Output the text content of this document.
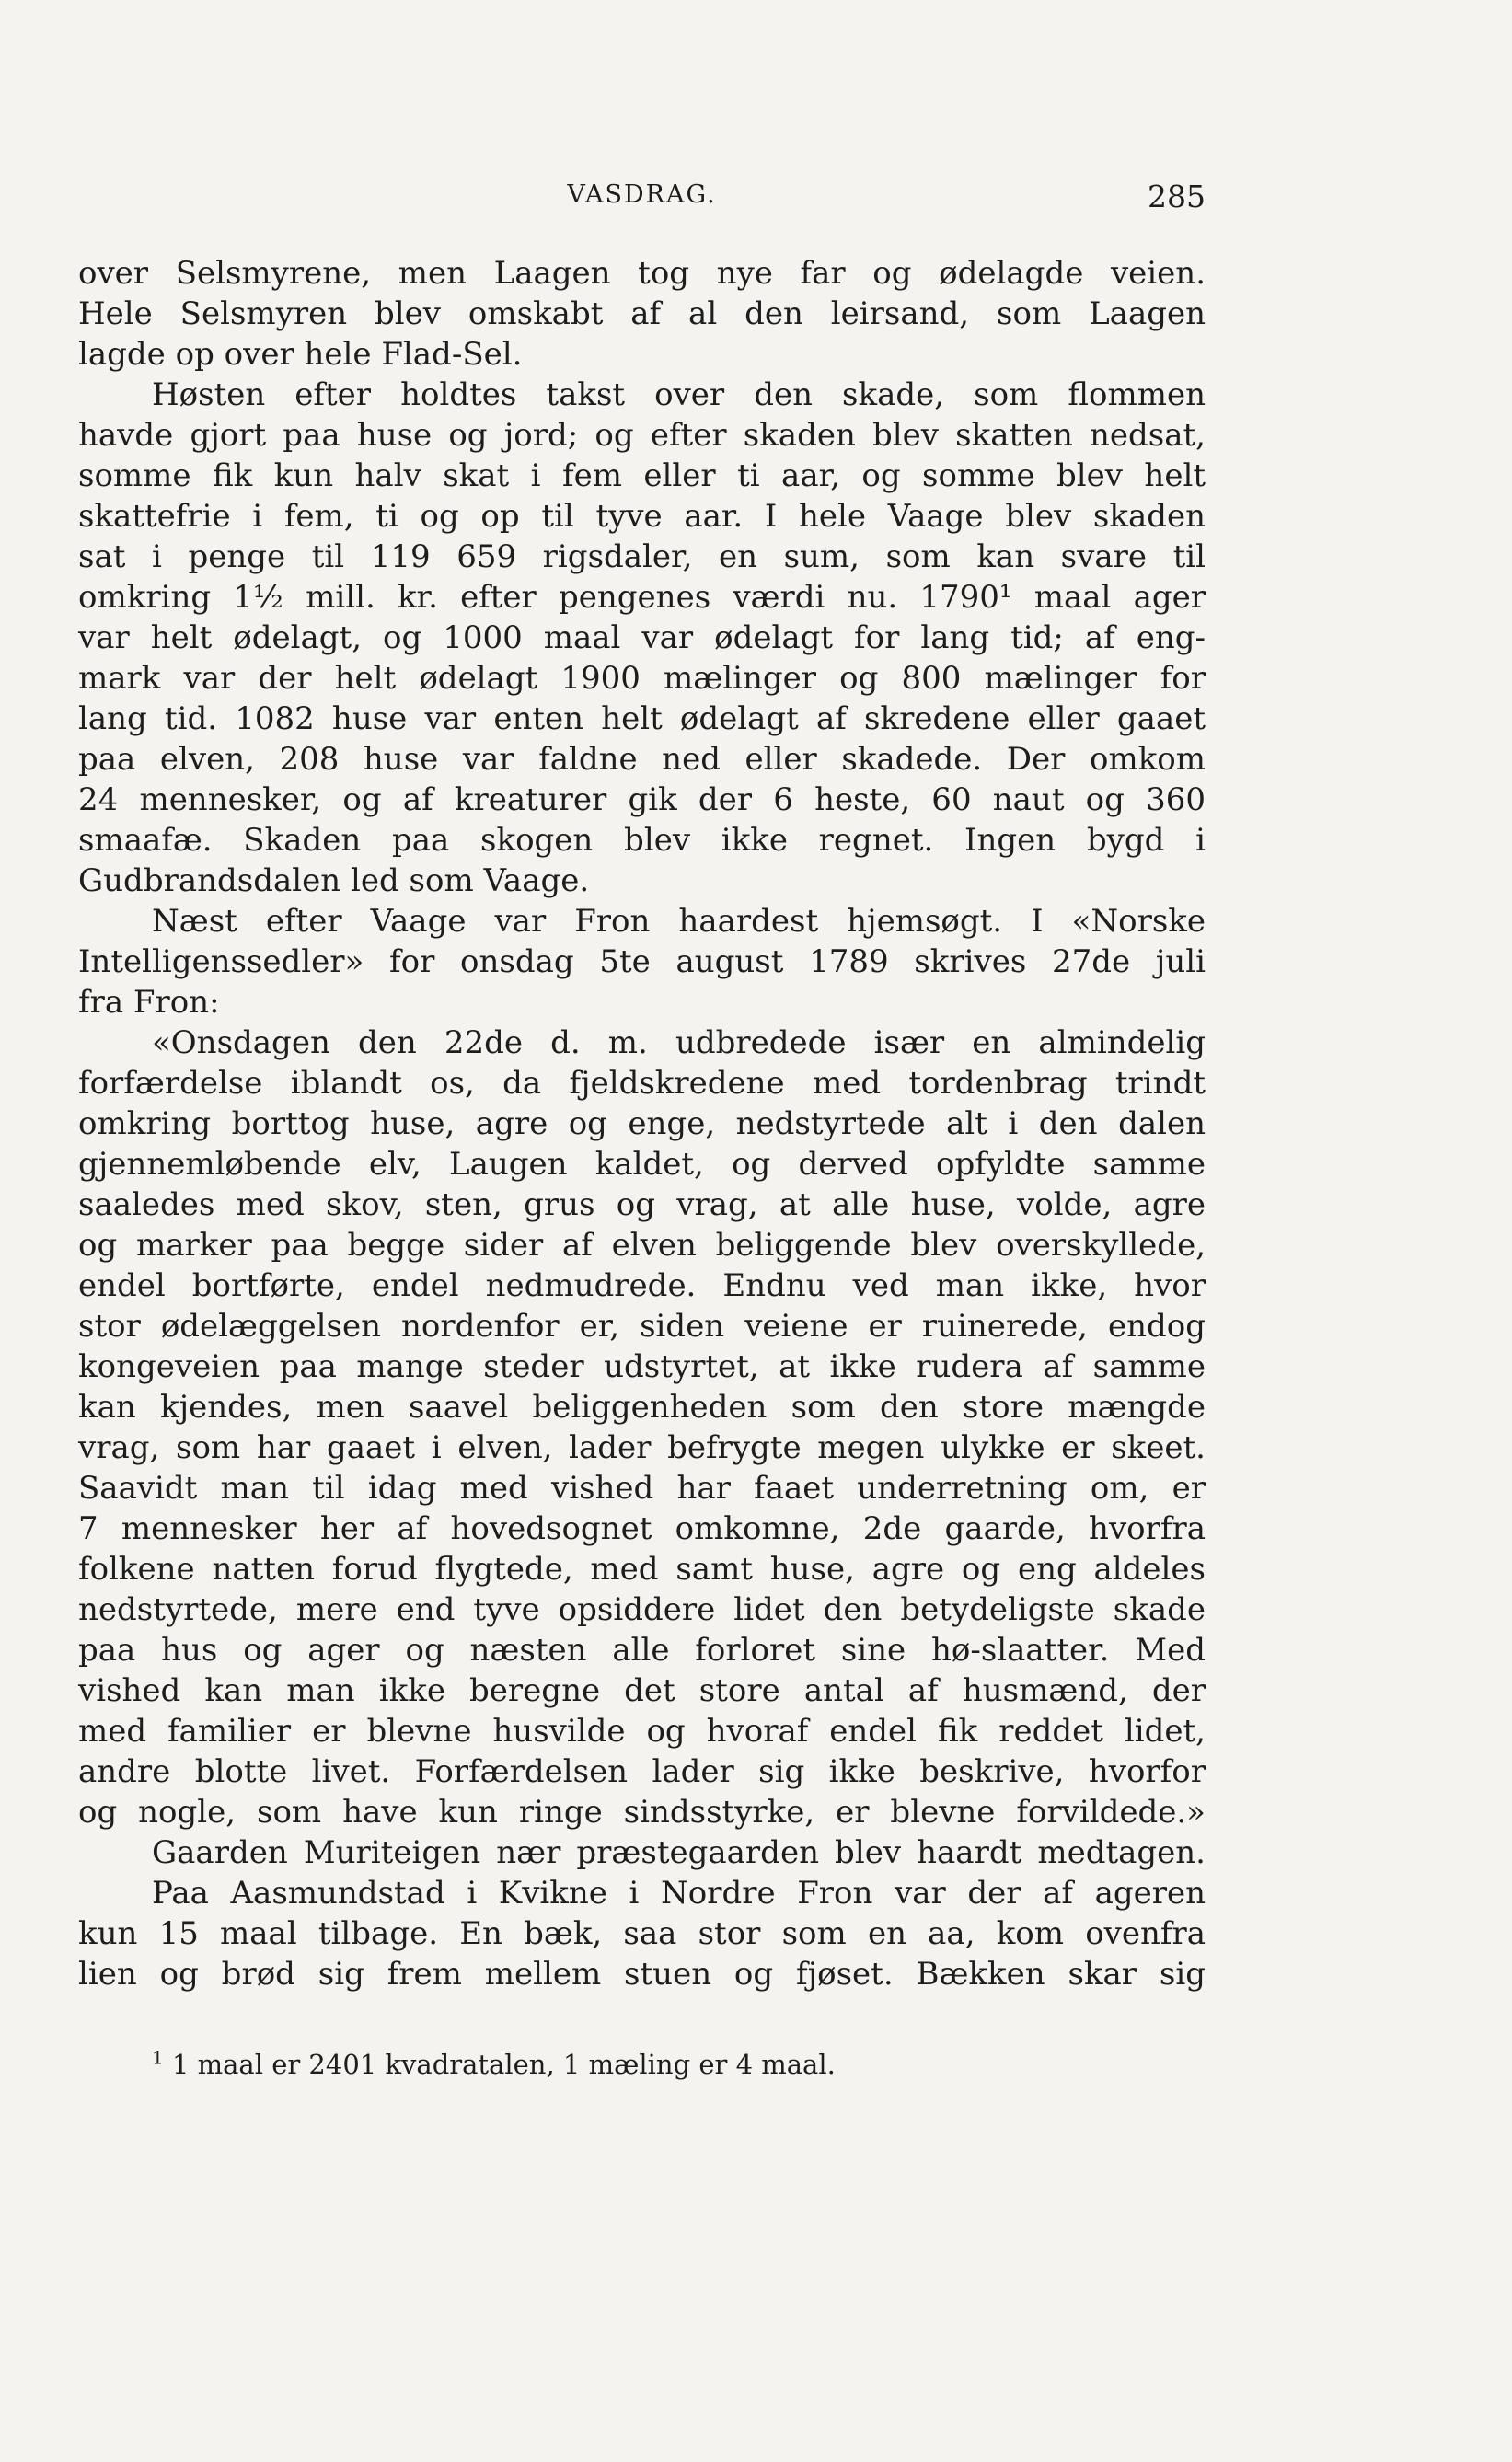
VASDRAG.	285
over Selsmyrene, men Laagen tog nye far og ødelagde veien.
Hele Selsmyren blev omskabt af al den leirsand, som Laagen
lagde op over hele Flad-Sel.
Høsten efter holdtes takst over den skade, som flommen
havde gjort paa huse og jord; og efter skaden blev skatten nedsat,
somme fik kun halv skat i fem eller ti aar, og somme blev helt
skattefrie i fem, ti og op til tyve aar. I hele Vaage blev skaden
sat i penge til 119 659 rigsdaler, en sum, som kan svare til
omkring 1½ mill. kr. efter pengenes værdi nu. 1790¹ maal ager
var helt ødelagt, og 1000 maal var ødelagt for lang tid; af eng-
mark var der helt ødelagt 1900 mælinger og 800 mælinger for
lang tid. 1082 huse var enten helt ødelagt af skredene eller gaaet
paa elven, 208 huse var faldne ned eller skadede. Der omkom
24 mennesker, og af kreaturer gik der 6 heste, 60 naut og 360
smaafæ. Skaden paa skogen blev ikke regnet. Ingen bygd i
Gudbrandsdalen led som Vaage.
Næst efter Vaage var Fron haardest hjemsøgt. I «Norske
Intelligenssedler» for onsdag 5te august 1789 skrives 27de juli
fra Fron:
«Onsdagen den 22de d. m. udbredede især en almindelig
forfærdelse iblandt os, da fjeldskredene med tordenbrag trindt
omkring borttog huse, agre og enge, nedstyrtede alt i den dalen
gjennemløbende elv, Laugen kaldet, og derved opfyldte samme
saaledes med skov, sten, grus og vrag, at alle huse, volde, agre
og marker paa begge sider af elven beliggende blev overskyllede,
endel bortførte, endel nedmudrede. Endnu ved man ikke, hvor
stor ødelæggelsen nordenfor er, siden veiene er ruinerede, endog
kongeveien paa mange steder udstyrtet, at ikke rudera af samme
kan kjendes, men saavel beliggenheden som den store mængde
vrag, som har gaaet i elven, lader befrygte megen ulykke er skeet.
Saavidt man til idag med vished har faaet underretning om, er
7 mennesker her af hovedsognet omkomne, 2de gaarde, hvorfra
folkene natten forud flygtede, med samt huse, agre og eng aldeles
nedstyrtede, mere end tyve opsiddere lidet den betydeligste skade
paa hus og ager og næsten alle forloret sine hø-slaatter. Med
vished kan man ikke beregne det store antal af husmænd, der
med familier er blevne husvilde og hvoraf endel fik reddet lidet,
andre blotte livet. Forfærdelsen lader sig ikke beskrive, hvorfor
og nogle, som have kun ringe sindsstyrke, er blevne forvildede.»
Gaarden Muriteigen nær præstegaarden blev haardt medtagen.
Paa Aasmundstad i Kvikne i Nordre Fron var der af ageren
kun 15 maal tilbage. En bæk, saa stor som en aa, kom ovenfra
lien og brød sig frem mellem stuen og fjøset. Bækken skar sig
$^1$ 1 maal er 2401 kvadratalen, 1 mæling er 4 maal.
